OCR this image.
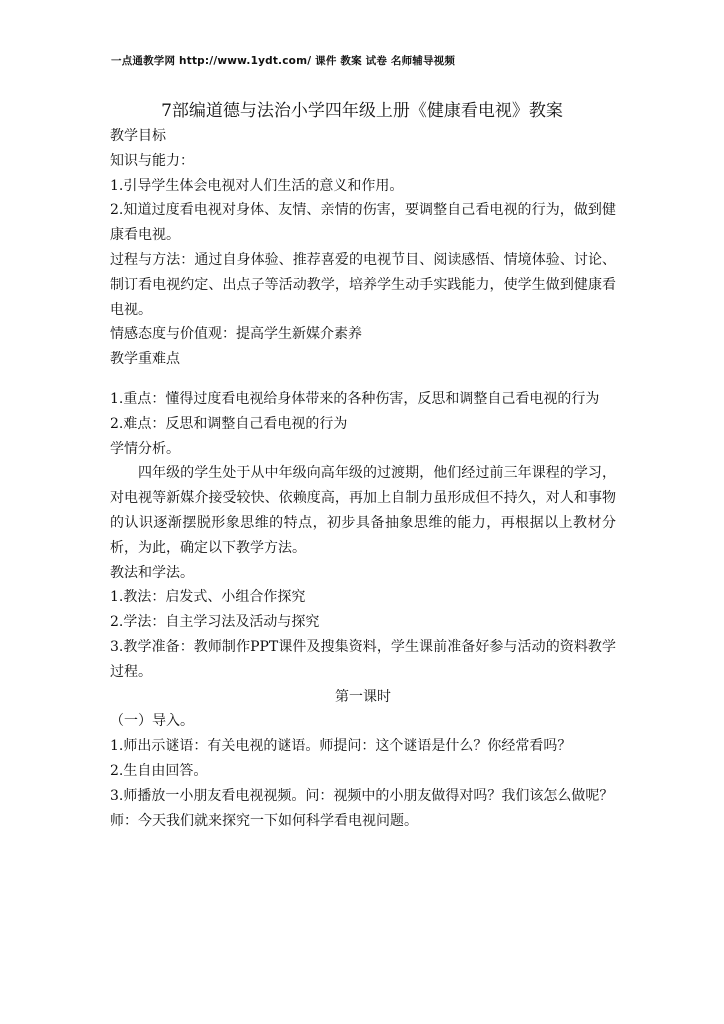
一点通教学网 http://www.1ydt.com/ 课件 教案 试卷 名师辅导视频
7部编道德与法治小学四年级上册《健康看电视》教案

教学目标

知识与能力：

1.引导学生体会电视对人们生活的意义和作用。

2.知道过度看电视对身体、友情、亲情的伤害，要调整自己看电视的行为，做到健康看电视。

过程与方法：通过自身体验、推荐喜爱的电视节目、阅读感悟、情境体验、讨论、制订看电视约定、出点子等活动教学，培养学生动手实践能力，使学生做到健康看电视。

情感态度与价值观：提高学生新媒介素养

教学重难点

1.重点：懂得过度看电视给身体带来的各种伤害，反思和调整自己看电视的行为

2.难点：反思和调整自己看电视的行为

学情分析。

四年级的学生处于从中年级向高年级的过渡期，他们经过前三年课程的学习，对电视等新媒介接受较快、依赖度高，再加上自制力虽形成但不持久，对人和事物的认识逐渐摆脱形象思维的特点，初步具备抽象思维的能力，再根据以上教材分析，为此，确定以下教学方法。

教法和学法。

1.教法：启发式、小组合作探究

2.学法：自主学习法及活动与探究

3.教学准备：教师制作PPT课件及搜集资料，学生课前准备好参与活动的资料教学过程。

第一课时

（一）导入。

1.师出示谜语：有关电视的谜语。师提问：这个谜语是什么？你经常看吗？

2.生自由回答。

3.师播放一小朋友看电视视频。问：视频中的小朋友做得对吗？我们该怎么做呢？

师：今天我们就来探究一下如何科学看电视问题。
